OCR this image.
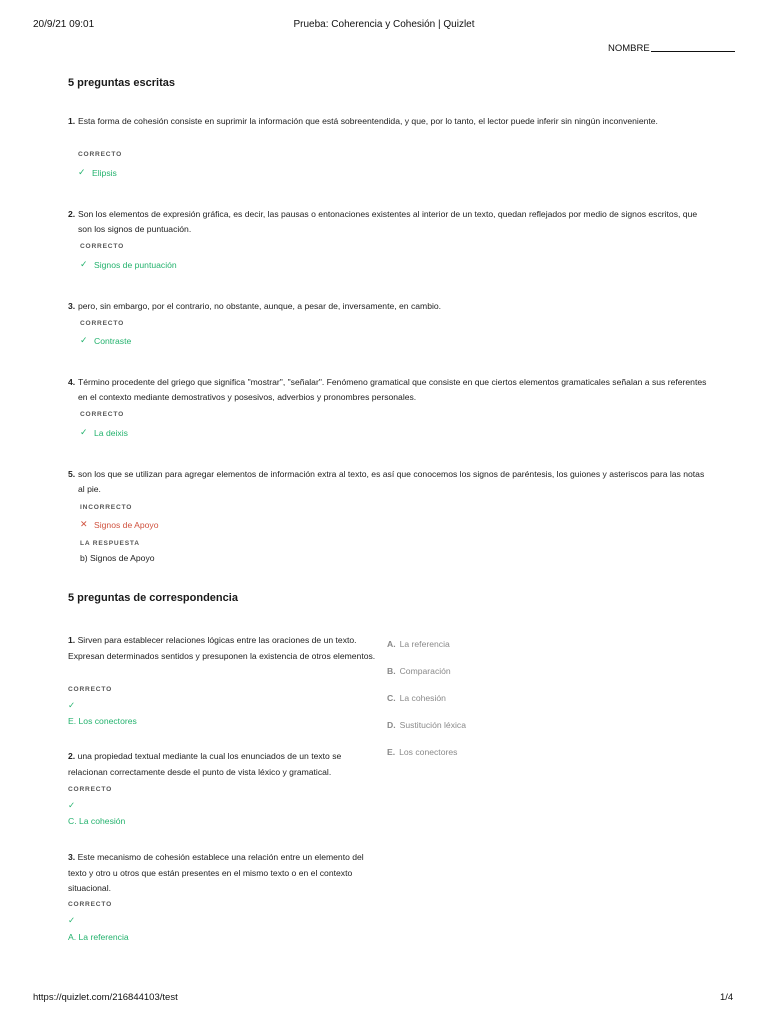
20/9/21 09:01	Prueba: Coherencia y Cohesión | Quizlet
NOMBRE
5 preguntas escritas
1. Esta forma de cohesión consiste en suprimir la información que está sobreentendida, y que, por lo tanto, el lector puede inferir sin ningún inconveniente.
CORRECTO
✓ Elipsis
2. Son los elementos de expresión gráfica, es decir, las pausas o entonaciones existentes al interior de un texto, quedan reflejados por medio de signos escritos, que son los signos de puntuación.
CORRECTO
✓ Signos de puntuación
3. pero, sin embargo, por el contrario, no obstante, aunque, a pesar de, inversamente, en cambio.
CORRECTO
✓ Contraste
4. Término procedente del griego que significa "mostrar", "señalar". Fenómeno gramatical que consiste en que ciertos elementos gramaticales señalan a sus referentes en el contexto mediante demostrativos y posesivos, adverbios y pronombres personales.
CORRECTO
✓ La deixis
5. son los que se utilizan para agregar elementos de información extra al texto, es así que conocemos los signos de paréntesis, los guiones y asteriscos para las notas al pie.
INCORRECTO
✕ Signos de Apoyo
LA RESPUESTA
b) Signos de Apoyo
5 preguntas de correspondencia
1. Sirven para establecer relaciones lógicas entre las oraciones de un texto. Expresan determinados sentidos y presuponen la existencia de otros elementos.
CORRECTO
✓
E. Los conectores
2. una propiedad textual mediante la cual los enunciados de un texto se relacionan correctamente desde el punto de vista léxico y gramatical.
CORRECTO
✓
C. La cohesión
3. Este mecanismo de cohesión establece una relación entre un elemento del texto y otro u otros que están presentes en el mismo texto o en el contexto situacional.
CORRECTO
✓
A. La referencia
A. La referencia
B. Comparación
C. La cohesión
D. Sustitución léxica
E. Los conectores
https://quizlet.com/216844103/test	1/4
